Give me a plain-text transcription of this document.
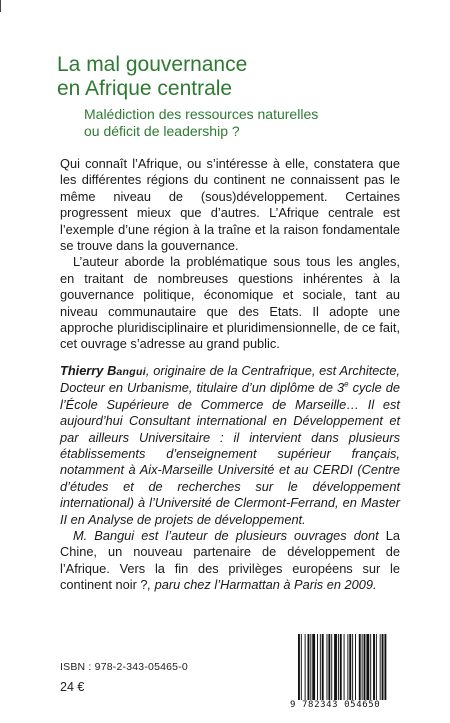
La mal gouvernance
en Afrique centrale
Malédiction des ressources naturelles
ou déficit de leadership ?

Qui connaît l’Afrique, ou s’intéresse à elle, constatera que les différentes régions du continent ne connaissent pas le même niveau de (sous)développement. Certaines progressent mieux que d’autres. L’Afrique centrale est l’exemple d’une région à la traîne et la raison fondamentale se trouve dans la gouvernance.

L’auteur aborde la problématique sous tous les angles, en traitant de nombreuses questions inhérentes à la gouvernance politique, économique et sociale, tant au niveau communautaire que des Etats. Il adopte une approche pluridisciplinaire et pluridimensionnelle, de ce fait, cet ouvrage s’adresse au grand public.

Thierry Bangui, originaire de la Centrafrique, est Architecte, Docteur en Urbanisme, titulaire d’un diplôme de 3e cycle de l’École Supérieure de Commerce de Marseille… Il est aujourd’hui Consultant international en Développement et par ailleurs Universitaire : il intervient dans plusieurs établissements d’enseignement supérieur français, notamment à Aix-Marseille Université et au CERDI (Centre d’études et de recherches sur le développement international) à l’Université de Clermont-Ferrand, en Master II en Analyse de projets de développement.

M. Bangui est l’auteur de plusieurs ouvrages dont La Chine, un nouveau partenaire de développement de l’Afrique. Vers la fin des privilèges européens sur le continent noir ?, paru chez l’Harmattan à Paris en 2009.

ISBN : 978-2-343-05465-0
24 €
9 782343 054650
